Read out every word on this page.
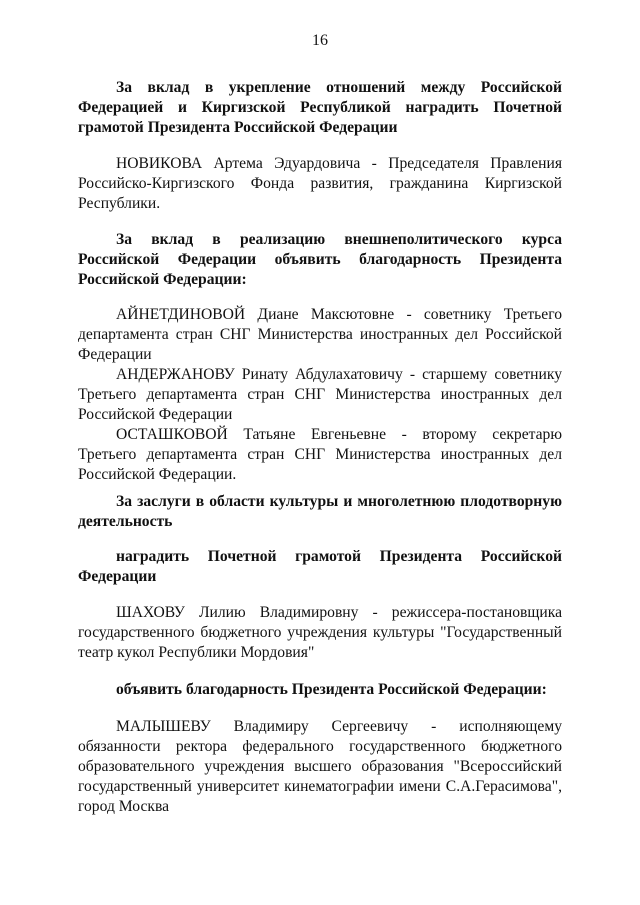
16

За вклад в укрепление отношений между Российской Федерацией и Киргизской Республикой наградить Почетной грамотой Президента Российской Федерации

НОВИКОВА Артема Эдуардовича - Председателя Правления Российско-Киргизского Фонда развития, гражданина Киргизской Республики.

За вклад в реализацию внешнеполитического курса Российской Федерации объявить благодарность Президента Российской Федерации:

АЙНЕТДИНОВОЙ Диане Максютовне - советнику Третьего департамента стран СНГ Министерства иностранных дел Российской Федерации

АНДЕРЖАНОВУ Ринату Абдулахатовичу - старшему советнику Третьего департамента стран СНГ Министерства иностранных дел Российской Федерации

ОСТАШКОВОЙ Татьяне Евгеньевне - второму секретарю Третьего департамента стран СНГ Министерства иностранных дел Российской Федерации.

За заслуги в области культуры и многолетнюю плодотворную деятельность

наградить Почетной грамотой Президента Российской Федерации

ШАХОВУ Лилию Владимировну - режиссера-постановщика государственного бюджетного учреждения культуры "Государственный театр кукол Республики Мордовия"

объявить благодарность Президента Российской Федерации:

МАЛЫШЕВУ Владимиру Сергеевичу - исполняющему обязанности ректора федерального государственного бюджетного образовательного учреждения высшего образования "Всероссийский государственный университет кинематографии имени С.А.Герасимова", город Москва
